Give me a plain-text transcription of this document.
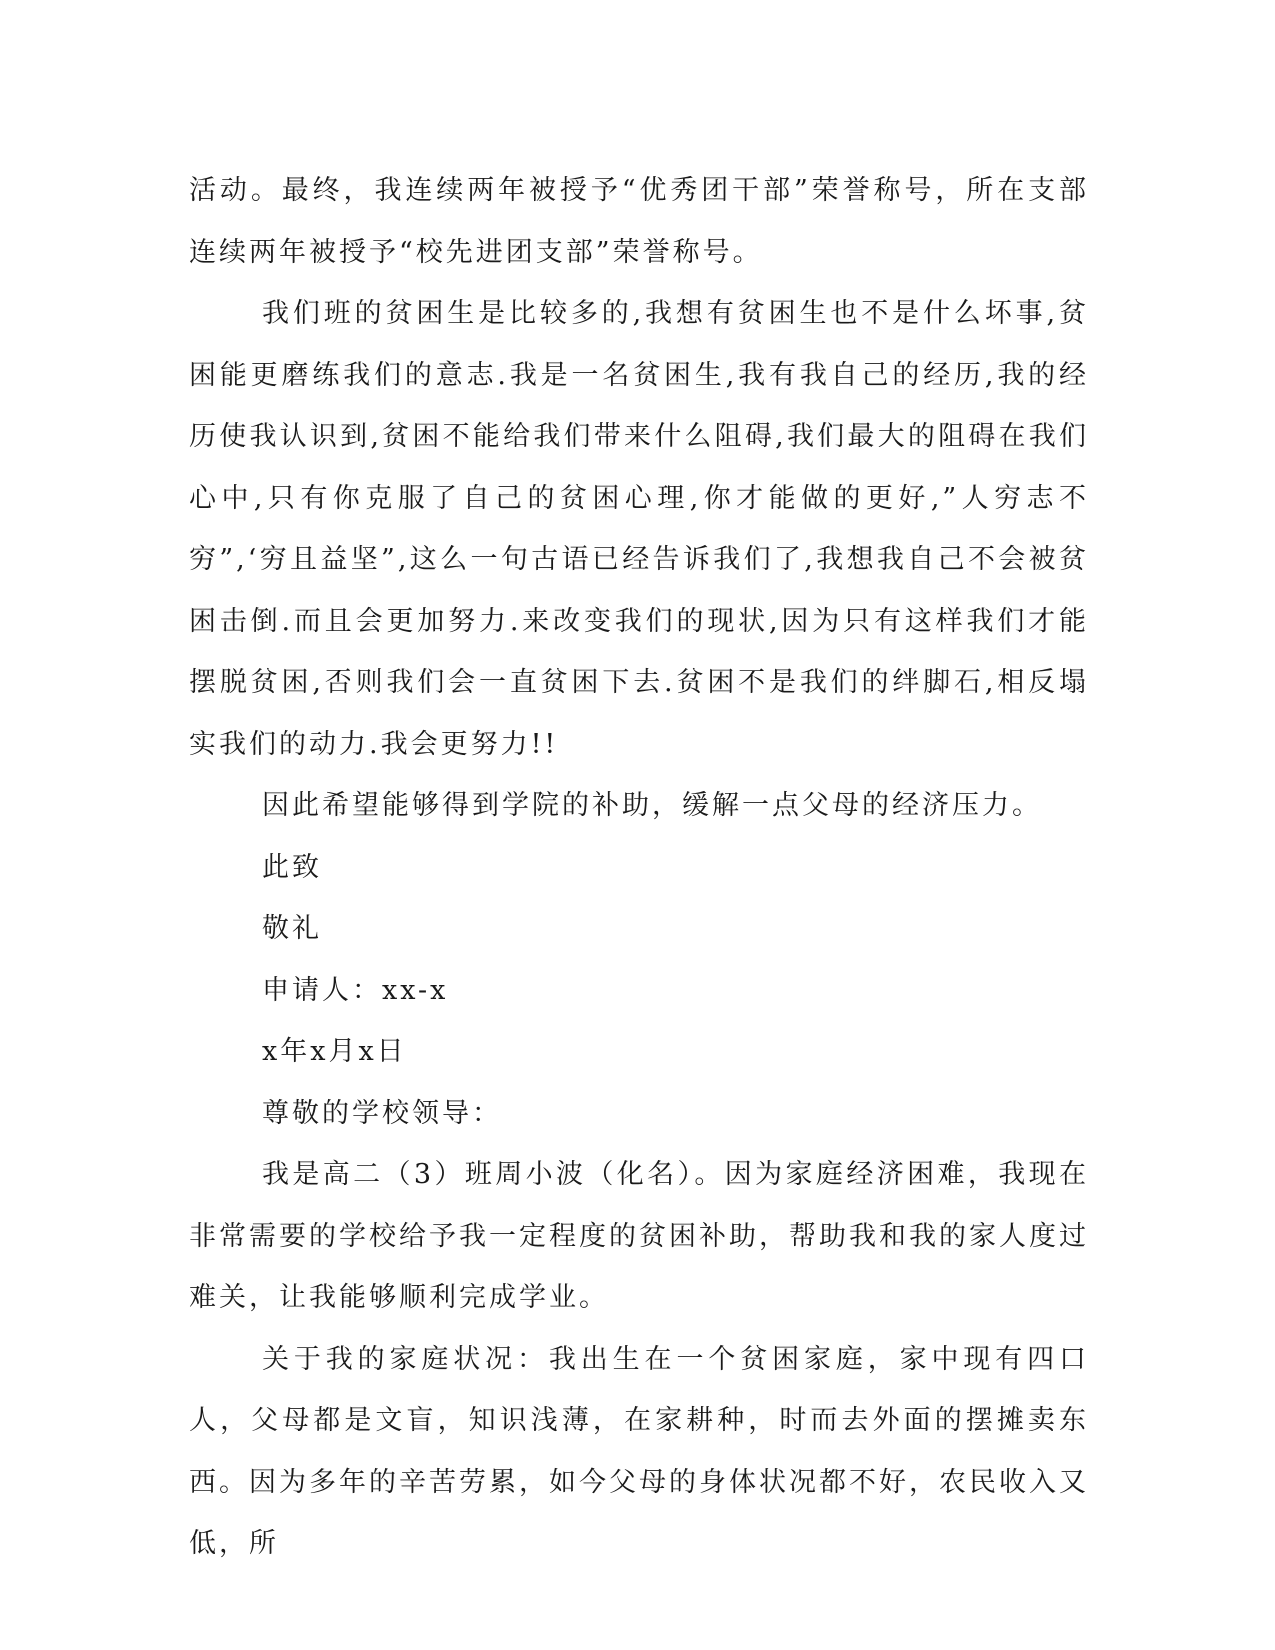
活动。最终，我连续两年被授予“优秀团干部”荣誉称号，所在支部连续两年被授予“校先进团支部”荣誉称号。

我们班的贫困生是比较多的,我想有贫困生也不是什么坏事,贫困能更磨练我们的意志.我是一名贫困生,我有我自己的经历,我的经历使我认识到,贫困不能给我们带来什么阻碍,我们最大的阻碍在我们心中,只有你克服了自己的贫困心理,你才能做的更好,”人穷志不穷”,‘穷且益坚”,这么一句古语已经告诉我们了,我想我自己不会被贫困击倒.而且会更加努力.来改变我们的现状,因为只有这样我们才能摆脱贫困,否则我们会一直贫困下去.贫困不是我们的绊脚石,相反塌实我们的动力.我会更努力!!

因此希望能够得到学院的补助，缓解一点父母的经济压力。

此致

敬礼

申请人：xx-x

x年x月x日

尊敬的学校领导：

我是高二（3）班周小波（化名）。因为家庭经济困难，我现在非常需要的学校给予我一定程度的贫困补助，帮助我和我的家人度过难关，让我能够顺利完成学业。

关于我的家庭状况：我出生在一个贫困家庭，家中现有四口人，父母都是文盲，知识浅薄，在家耕种，时而去外面的摆摊卖东西。因为多年的辛苦劳累，如今父母的身体状况都不好，农民收入又低，所
